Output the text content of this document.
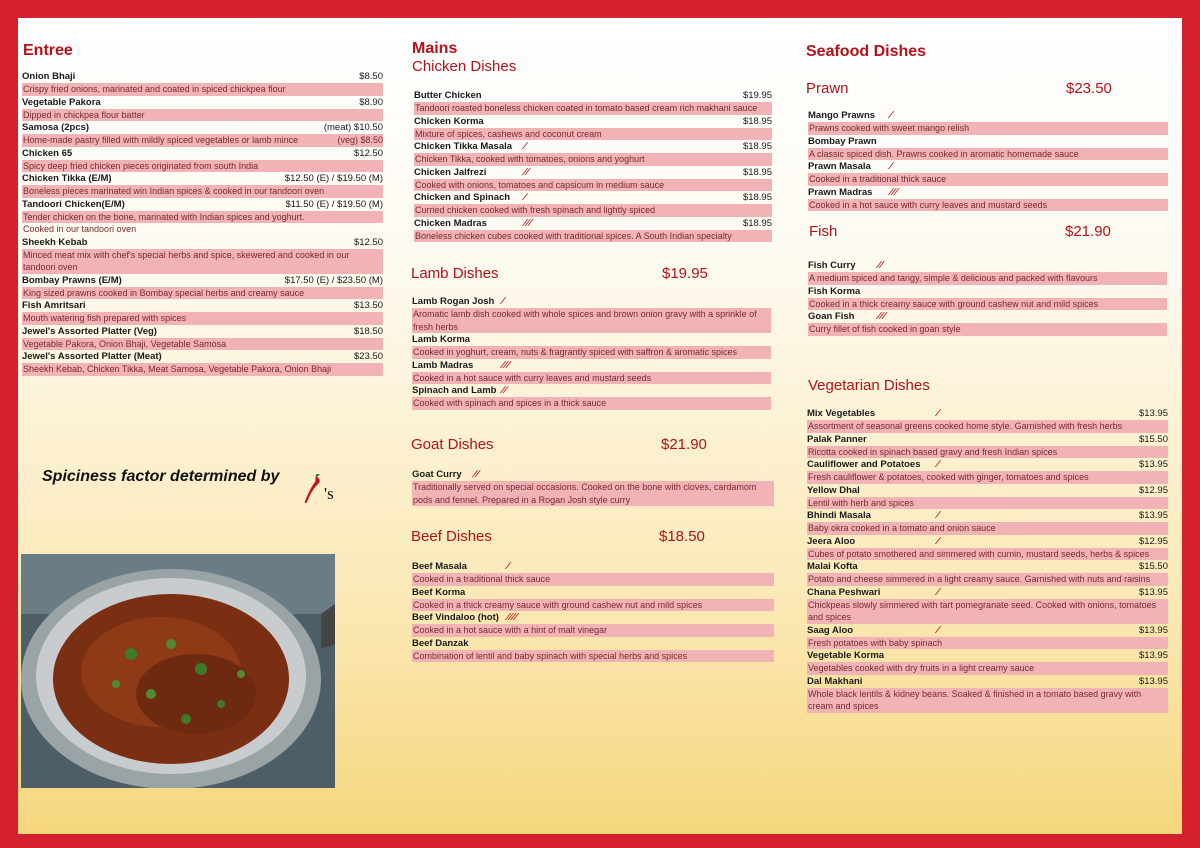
Entree
Onion Bhaji	$8.50
Crispy fried onions, marinated and coated in spiced chickpea flour
Vegetable Pakora	$8.90
Dipped in chickpea flour batter
Samosa (2pcs)	(meat) $10.50
Home-made pastry filled with mildly spiced vegetables or lamb mince	(veg) $8.50
Chicken 65	$12.50
Spicy deep fried chicken pieces originated from south India
Chicken Tikka (E/M)	$12.50 (E) / $19.50 (M)
Boneless pieces marinated win Indian spices & cooked in our tandoori oven
Tandoori Chicken(E/M)	$11.50 (E) / $19.50 (M)
Tender chicken on the bone, marinated with Indian spices and yoghurt.
Cooked in our tandoori oven
Sheekh Kebab	$12.50
Minced meat mix with chef's special herbs and spice, skewered and cooked in our tandoori oven
Bombay Prawns (E/M)	$17.50 (E) / $23.50 (M)
King sized prawns cooked in Bombay special herbs and creamy sauce
Fish Amritsari	$13.50
Mouth watering fish prepared with spices
Jewel's Assorted Platter (Veg)	$18.50
Vegetable Pakora, Onion Bhaji, Vegetable Samosa
Jewel's Assorted Platter (Meat)	$23.50
Sheekh Kebab, Chicken Tikka, Meat Samosa, Vegetable Pakora, Onion Bhaji
Spiciness factor determined by
's
Mains
Chicken Dishes
Butter Chicken	$19.95
Tandoori roasted boneless chicken coated in tomato based cream rich makhani sauce
Chicken Korma	$18.95
Mixture of spices, cashews and coconut cream
Chicken Tikka Masala	$18.95
∕
Chicken Tikka, cooked with tomatoes, onions and yoghurt
Chicken Jalfrezi	$18.95
∕∕
Cooked with onions, tomatoes and capsicum in medium sauce
Chicken and Spinach	$18.95
∕
Curried chicken cooked with fresh spinach and lightly spiced
Chicken Madras	$18.95
∕∕∕
Boneless chicken cubes cooked with traditional spices. A South Indian specialty
Lamb Dishes	$19.95
Lamb Rogan Josh ∕
Aromatic lamb dish cooked with whole spices and brown onion gravy with a sprinkle of fresh herbs
Lamb Korma
Cooked in yoghurt, cream, nuts & fragrantly spiced with saffron & aromatic spices
Lamb Madras	∕∕∕
Cooked in a hot sauce with curry leaves and mustard seeds
Spinach and Lamb ∕∕
Cooked with spinach and spices in a thick sauce
Goat Dishes	$21.90
Goat Curry ∕∕
Traditionally served on special occasions. Cooked on the bone with cloves, cardamom pods and fennel. Prepared in a Rogan Josh style curry
Beef Dishes	$18.50
Beef Masala	∕
Cooked in a traditional thick sauce
Beef Korma
Cooked in a thick creamy sauce with ground cashew nut and mild spices
Beef Vindaloo (hot) ∕∕∕∕
Cooked in a hot sauce with a hint of malt vinegar
Beef Danzak
Combination of lentil and baby spinach with special herbs and spices
Seafood Dishes
Prawn	$23.50
Mango Prawns ∕
Prawns cooked with sweet mango relish
Bombay Prawn
A classic spiced dish. Prawns cooked in aromatic homemade sauce
Prawn Masala ∕
Cooked in a traditional thick sauce
Prawn Madras ∕∕∕
Cooked in a hot sauce with curry leaves and mustard seeds
Fish	$21.90
Fish Curry ∕∕
A medium spiced and tangy, simple & delicious and packed with flavours
Fish Korma
Cooked in a thick creamy sauce with ground cashew nut and mild spices
Goan Fish ∕∕∕
Curry fillet of fish cooked in goan style
Vegetarian Dishes
Mix Vegetables	$13.95
∕
Assortment of seasonal greens cooked home style. Garnished with fresh herbs
Palak Panner	$15.50
Ricotta cooked in spinach based gravy and fresh Indian spices
Cauliflower and Potatoes	$13.95
∕
Fresh cauliflower & potatoes, cooked with ginger, tomatoes and spices
Yellow Dhal	$12.95
Lentil with herb and spices
Bhindi Masala	$13.95
∕
Baby okra cooked in a tomato and onion sauce
Jeera Aloo	$12.95
∕
Cubes of potato smothered and simmered with cumin, mustard seeds, herbs & spices
Malai Kofta	$15.50
Potato and cheese simmered in a light creamy sauce. Garnished with nuts and raisins
Chana Peshwari	$13.95
∕
Chickpeas slowly simmered with tart pomegranate seed. Cooked with onions, tomatoes and spices
Saag Aloo	$13.95
∕
Fresh potatoes with baby spinach
Vegetable Korma	$13.95
Vegetables cooked with dry fruits in a light creamy sauce
Dal Makhani	$13.95
Whole black lentils & kidney beans. Soaked & finished in a tomato based gravy with cream and spices
